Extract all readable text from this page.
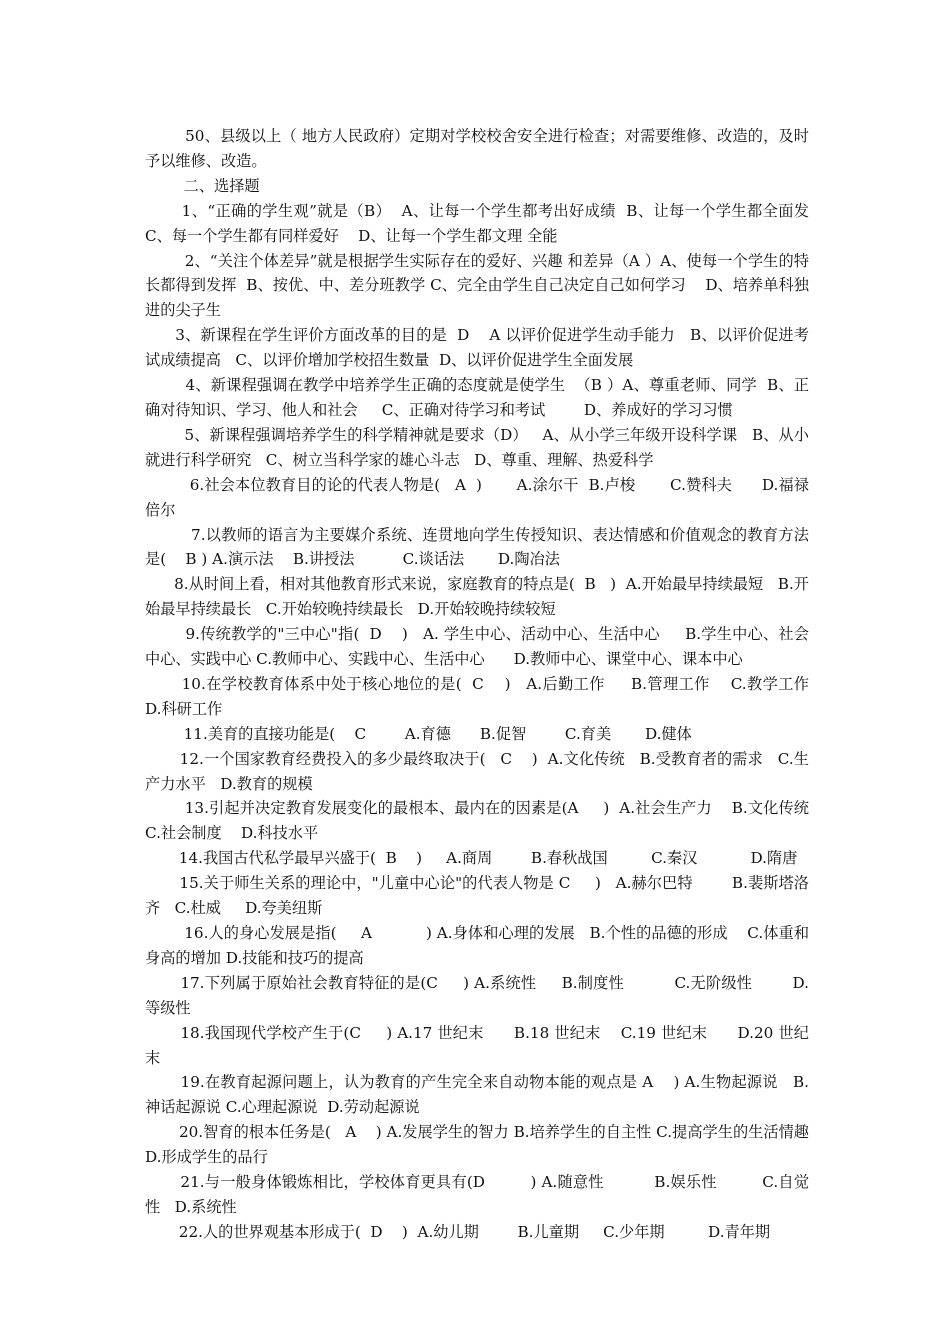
50、县级以上（ 地方人民政府）定期对学校校舍安全进行检查；对需要维修、改造的，及时予以维修、改造。

二、选择题

1、“正确的学生观”就是（B）  A、让每一个学生都考出好成绩  B、让每一个学生都全面发 C、每一个学生都有同样爱好    D、让每一个学生都文理 全能

2、“关注个体差异”就是根据学生实际存在的爱好、兴趣 和差异（A ）A、使每一个学生的特长都得到发挥  B、按优、中、差分班教学 C、完全由学生自己决定自己如何学习    D、培养单科独进的尖子生

3、新课程在学生评价方面改革的目的是  D    A 以评价促进学生动手能力   B、以评价促进考试成绩提高   C、以评价增加学校招生数量  D、以评价促进学生全面发展

4、新课程强调在教学中培养学生正确的态度就是使学生  （B ）A、尊重老师、同学  B、正确对待知识、学习、他人和社会     C、正确对待学习和考试        D、养成好的学习习惯

5、新课程强调培养学生的科学精神就是要求（D）   A、从小学三年级开设科学课   B、从小就进行科学研究   C、树立当科学家的雄心斗志   D、尊重、理解、热爱科学

6.社会本位教育目的论的代表人物是(   A  )       A.涂尔干  B.卢梭       C.赞科夫      D.福禄倍尔

7.以教师的语言为主要媒介系统、连贯地向学生传授知识、表达情感和价值观念的教育方法是(    B ) A.演示法    B.讲授法          C.谈话法       D.陶冶法

8.从时间上看，相对其他教育形式来说，家庭教育的特点是(  B   )  A.开始最早持续最短   B.开始最早持续最长   C.开始较晚持续最长   D.开始较晚持续较短

9.传统教学的"三中心"指(  D    )   A. 学生中心、活动中心、生活中心     B.学生中心、社会中心、实践中心 C.教师中心、实践中心、生活中心      D.教师中心、课堂中心、课本中心

10.在学校教育体系中处于核心地位的是(  C    )   A.后勤工作     B.管理工作    C.教学工作   D.科研工作

11.美育的直接功能是(    C        A.育德      B.促智        C.育美       D.健体

12.一个国家教育经费投入的多少最终取决于(   C    )  A.文化传统   B.受教育者的需求   C.生产力水平   D.教育的规模

13.引起并决定教育发展变化的最根本、最内在的因素是(A     )  A.社会生产力    B.文化传统    C.社会制度    D.科技水平

14.我国古代私学最早兴盛于(  B    )     A.商周        B.春秋战国         C.秦汉           D.隋唐

15.关于师生关系的理论中，"儿童中心论"的代表人物是 C     )   A.赫尔巴特        B.裴斯塔洛齐   C.杜威     D.夸美纽斯

16.人的身心发展是指(     A           ) A.身体和心理的发展   B.个性的品德的形成    C.体重和身高的增加 D.技能和技巧的提高

17.下列属于原始社会教育特征的是(C     ) A.系统性     B.制度性          C.无阶级性        D.等级性

18.我国现代学校产生于(C     ) A.17 世纪末      B.18 世纪末    C.19 世纪末      D.20 世纪末

19.在教育起源问题上，认为教育的产生完全来自动物本能的观点是 A    ) A.生物起源说   B.神话起源说 C.心理起源说  D.劳动起源说

20.智育的根本任务是(   A    ) A.发展学生的智力 B.培养学生的自主性 C.提高学生的生活情趣 D.形成学生的品行

21.与一般身体锻炼相比，学校体育更具有(D         ) A.随意性          B.娱乐性         C.自觉性   D.系统性

22.人的世界观基本形成于(  D    )  A.幼儿期        B.儿童期     C.少年期         D.青年期
